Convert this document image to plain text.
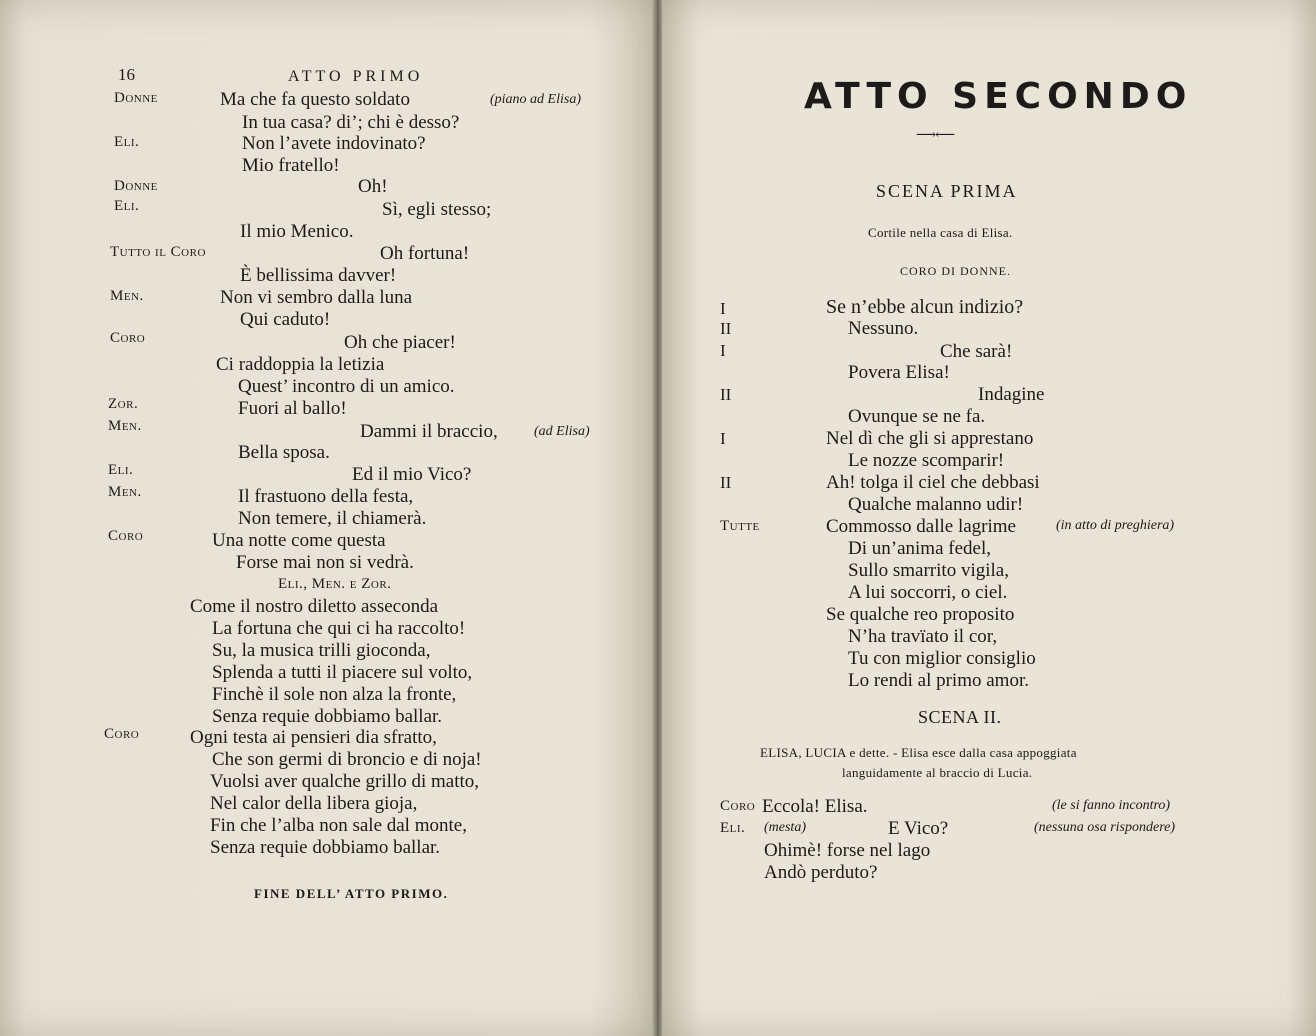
16	ATTO PRIMO
Donne	Ma che fa questo soldato	(piano ad Elisa)
In tua casa? di’; chi è desso?
Eli.	Non l’avete indovinato?
Mio fratello!
Donne	Oh!
Eli.	Sì, egli stesso;
Il mio Menico.
Tutto il Coro	Oh fortuna!
È bellissima davver!
Men.	Non vi sembro dalla luna
Qui caduto!
Coro	Oh che piacer!
Ci raddoppia la letizia
Quest’ incontro di un amico.
Zor.	Fuori al ballo!
Men.	Dammi il braccio,	(ad Elisa)
Bella sposa.
Eli.	Ed il mio Vico?
Men.	Il frastuono della festa,
Non temere, il chiamerà.
Coro	Una notte come questa
Forse mai non si vedrà.
Eli., Men. e Zor.
Come il nostro diletto asseconda
La fortuna che qui ci ha raccolto!
Su, la musica trilli gioconda,
Splenda a tutti il piacere sul volto,
Finchè il sole non alza la fronte,
Senza requie dobbiamo ballar.
Coro	Ogni testa ai pensieri dia sfratto,
Che son germi di broncio e di noja!
Vuolsi aver qualche grillo di matto,
Nel calor della libera gioja,
Fin che l’alba non sale dal monte,
Senza requie dobbiamo ballar.
FINE DELL’ ATTO PRIMO.
ATTO SECONDO
⟶⟵
SCENA PRIMA
Cortile nella casa di Elisa.
CORO DI DONNE.
I	Se n’ebbe alcun indizio?
II	Nessuno.
I	Che sarà!
Povera Elisa!
II	Indagine
Ovunque se ne fa.
I	Nel dì che gli si apprestano
Le nozze scomparir!
II	Ah! tolga il ciel che debbasi
Qualche malanno udir!
Tutte	Commosso dalle lagrime	(in atto di preghiera)
Di un’anima fedel,
Sullo smarrito vigila,
A lui soccorri, o ciel.
Se qualche reo proposito
N’ha travïato il cor,
Tu con miglior consiglio
Lo rendi al primo amor.
SCENA II.
ELISA, LUCIA e dette. - Elisa esce dalla casa appoggiata
languidamente al braccio di Lucia.
Coro Eccola! Elisa.	(le si fanno incontro)
Eli. (mesta)	E Vico?	(nessuna osa rispondere)
Ohimè! forse nel lago
Andò perduto?
